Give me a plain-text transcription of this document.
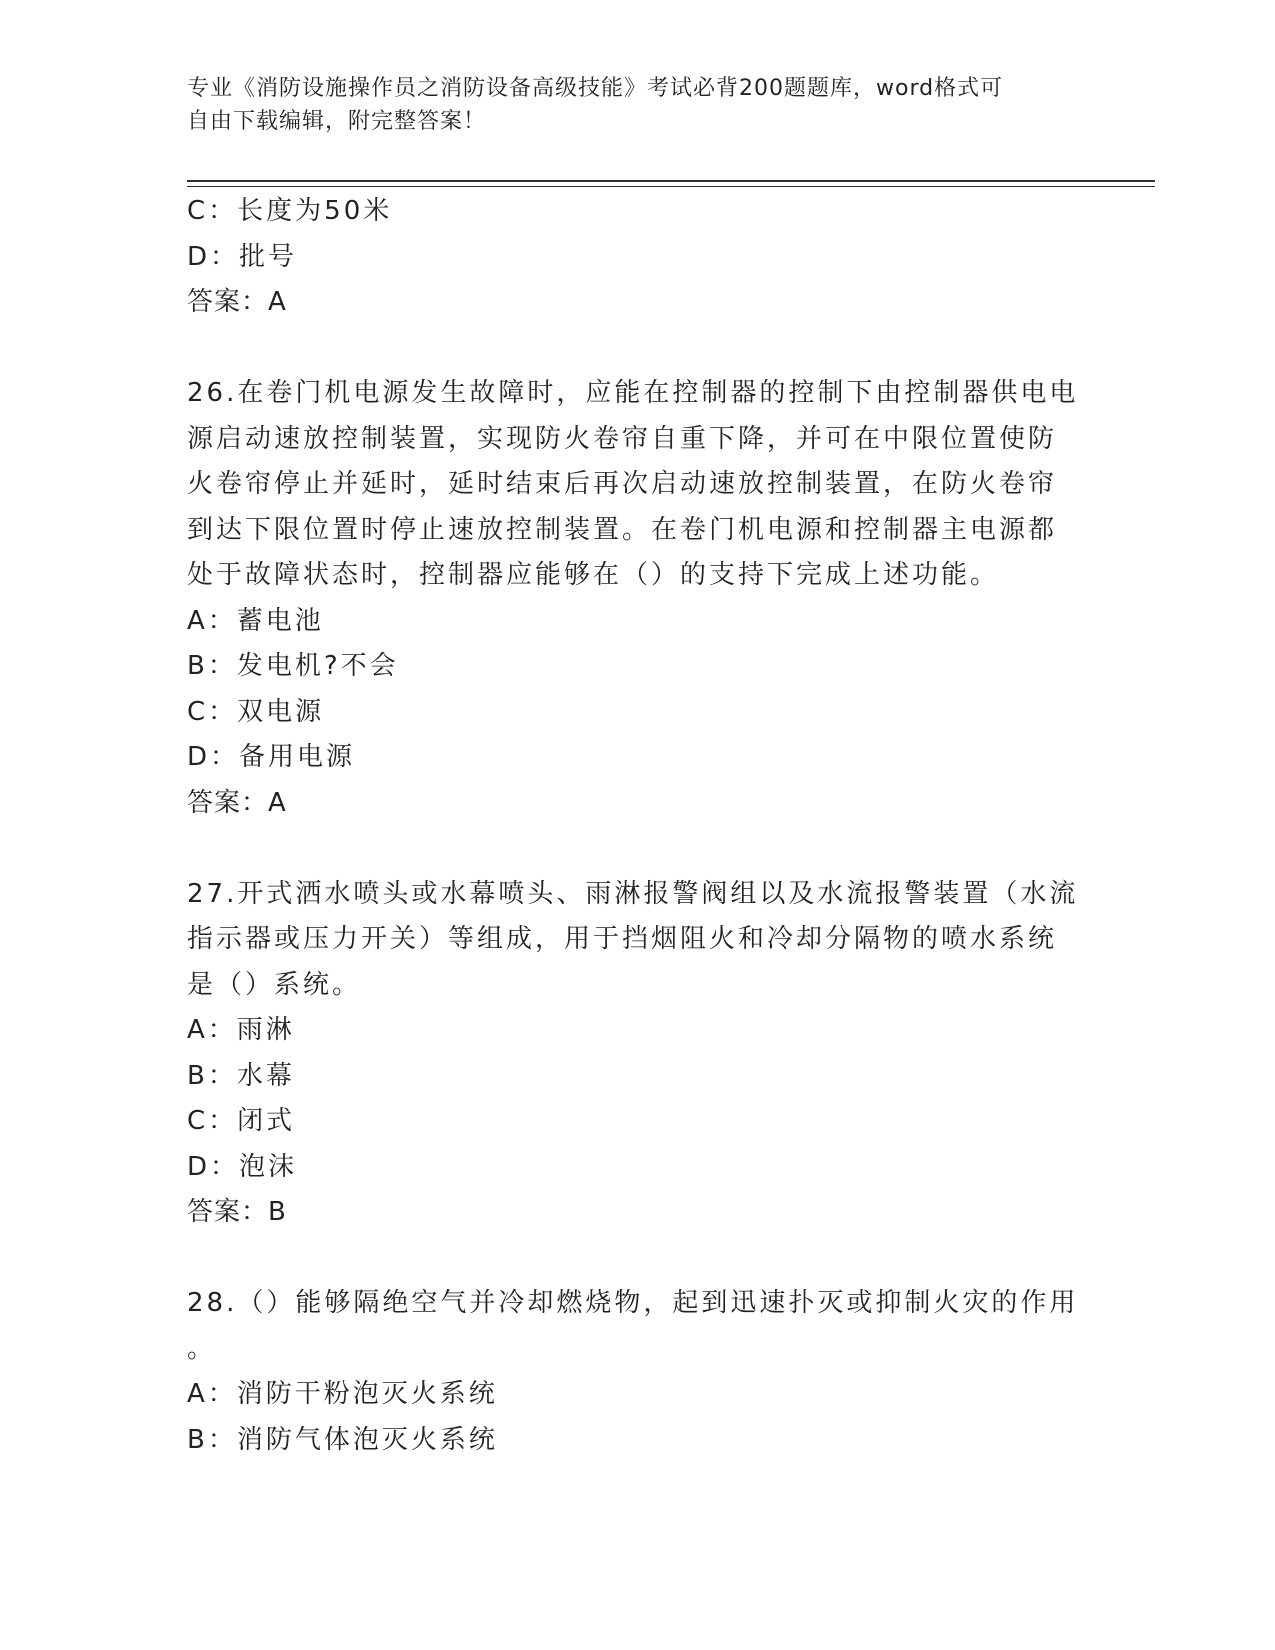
专业《消防设施操作员之消防设备高级技能》考试必背200题题库，word格式可
自由下载编辑，附完整答案！
C：长度为50米
D：批号
答案：A
26.在卷门机电源发生故障时，应能在控制器的控制下由控制器供电电
源启动速放控制装置，实现防火卷帘自重下降，并可在中限位置使防
火卷帘停止并延时，延时结束后再次启动速放控制装置，在防火卷帘
到达下限位置时停止速放控制装置。在卷门机电源和控制器主电源都
处于故障状态时，控制器应能够在（）的支持下完成上述功能。
A：蓄电池
B：发电机?不会
C：双电源
D：备用电源
答案：A
27.开式洒水喷头或水幕喷头、雨淋报警阀组以及水流报警装置（水流
指示器或压力开关）等组成，用于挡烟阻火和冷却分隔物的喷水系统
是（）系统。
A：雨淋
B：水幕
C：闭式
D：泡沫
答案：B
28.（）能够隔绝空气并冷却燃烧物，起到迅速扑灭或抑制火灾的作用
。
A：消防干粉泡灭火系统
B：消防气体泡灭火系统
